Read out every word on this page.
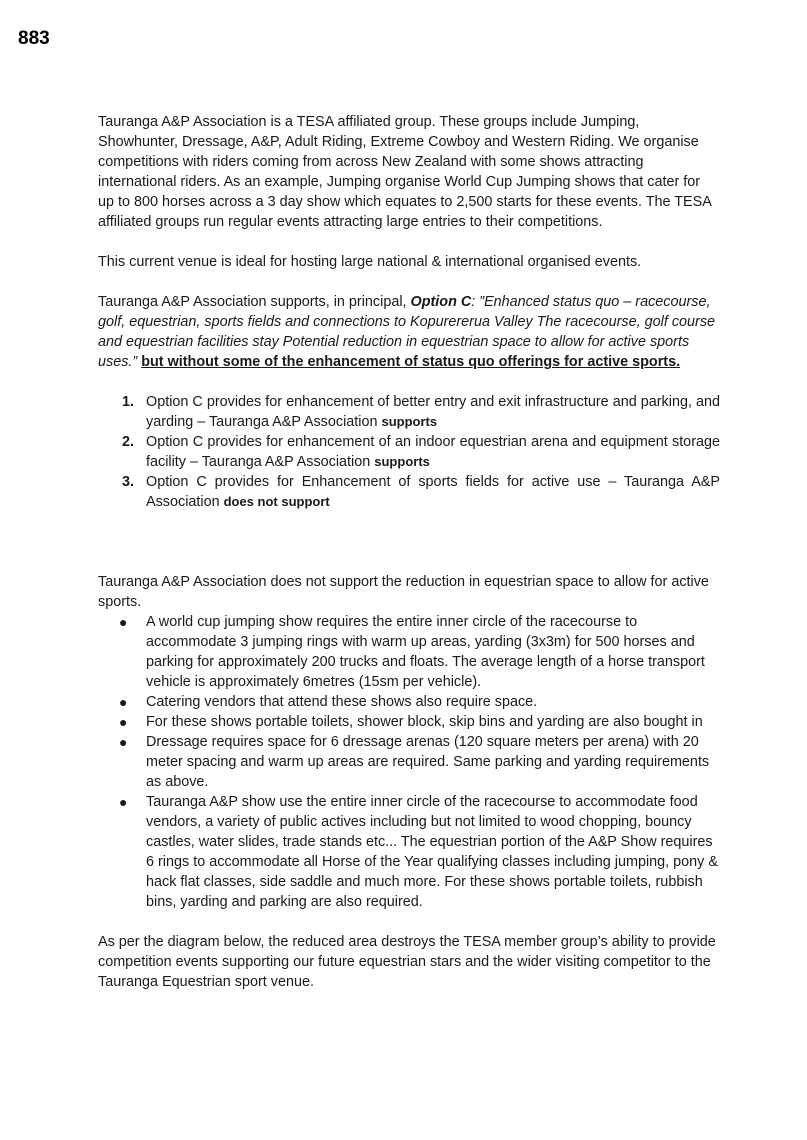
883

Tauranga A&P Association is a TESA affiliated group. These groups include Jumping, Showhunter, Dressage, A&P, Adult Riding, Extreme Cowboy and Western Riding. We organise competitions with riders coming from across New Zealand with some shows attracting international riders. As an example, Jumping organise World Cup Jumping shows that cater for up to 800 horses across a 3 day show which equates to 2,500 starts for these events. The TESA affiliated groups run regular events attracting large entries to their competitions.

This current venue is ideal for hosting large national & international organised events.

Tauranga A&P Association supports, in principal, Option C: ”Enhanced status quo – racecourse, golf, equestrian, sports fields and connections to Kopurererua Valley The racecourse, golf course and equestrian facilities stay Potential reduction in equestrian space to allow for active sports uses.” but without some of the enhancement of status quo offerings for active sports.

1. Option C provides for enhancement of better entry and exit infrastructure and parking, and yarding – Tauranga A&P Association supports
2. Option C provides for enhancement of an indoor equestrian arena and equipment storage facility – Tauranga A&P Association supports
3. Option C provides for Enhancement of sports fields for active use – Tauranga A&P Association does not support

Tauranga A&P Association does not support the reduction in equestrian space to allow for active sports.

● A world cup jumping show requires the entire inner circle of the racecourse to accommodate 3 jumping rings with warm up areas, yarding (3x3m) for 500 horses and parking for approximately 200 trucks and floats. The average length of a horse transport vehicle is approximately 6metres (15sm per vehicle).
● Catering vendors that attend these shows also require space.
● For these shows portable toilets, shower block, skip bins and yarding are also bought in
● Dressage requires space for 6 dressage arenas (120 square meters per arena) with 20 meter spacing and warm up areas are required. Same parking and yarding requirements as above.
● Tauranga A&P show use the entire inner circle of the racecourse to accommodate food vendors, a variety of public actives including but not limited to wood chopping, bouncy castles, water slides, trade stands etc... The equestrian portion of the A&P Show requires 6 rings to accommodate all Horse of the Year qualifying classes including jumping, pony & hack flat classes, side saddle and much more. For these shows portable toilets, rubbish bins, yarding and parking are also required.

As per the diagram below, the reduced area destroys the TESA member group’s ability to provide competition events supporting our future equestrian stars and the wider visiting competitor to the Tauranga Equestrian sport venue.
